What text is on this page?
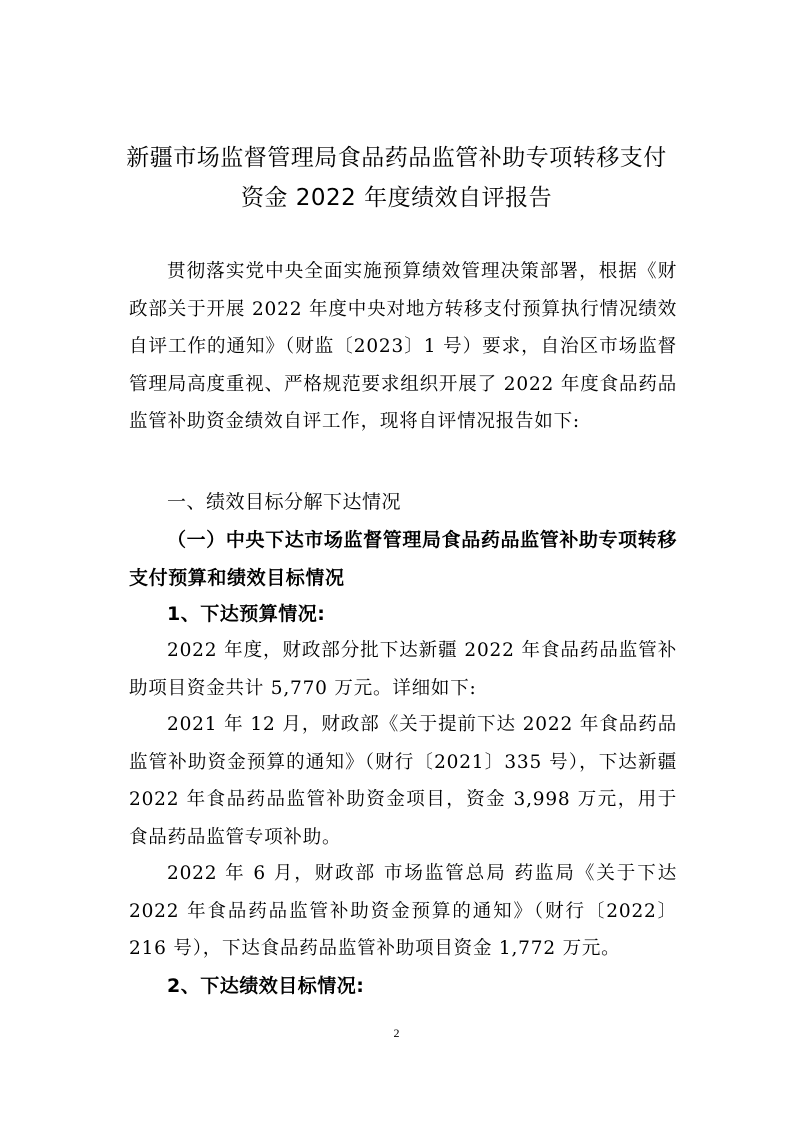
新疆市场监督管理局食品药品监管补助专项转移支付
资金 2022 年度绩效自评报告
贯彻落实党中央全面实施预算绩效管理决策部署，根据《财政部关于开展 2022 年度中央对地方转移支付预算执行情况绩效自评工作的通知》（财监〔2023〕1 号）要求，自治区市场监督管理局高度重视、严格规范要求组织开展了 2022 年度食品药品监管补助资金绩效自评工作，现将自评情况报告如下:
一、绩效目标分解下达情况
（一）中央下达市场监督管理局食品药品监管补助专项转移支付预算和绩效目标情况
1、下达预算情况:
2022 年度，财政部分批下达新疆 2022 年食品药品监管补助项目资金共计 5,770 万元。详细如下:
2021 年 12 月，财政部《关于提前下达 2022 年食品药品监管补助资金预算的通知》（财行〔2021〕335 号），下达新疆 2022 年食品药品监管补助资金项目，资金 3,998 万元，用于食品药品监管专项补助。
2022 年 6 月，财政部 市场监管总局 药监局《关于下达 2022 年食品药品监管补助资金预算的通知》（财行〔2022〕216 号），下达食品药品监管补助项目资金 1,772 万元。
2、下达绩效目标情况:
2
